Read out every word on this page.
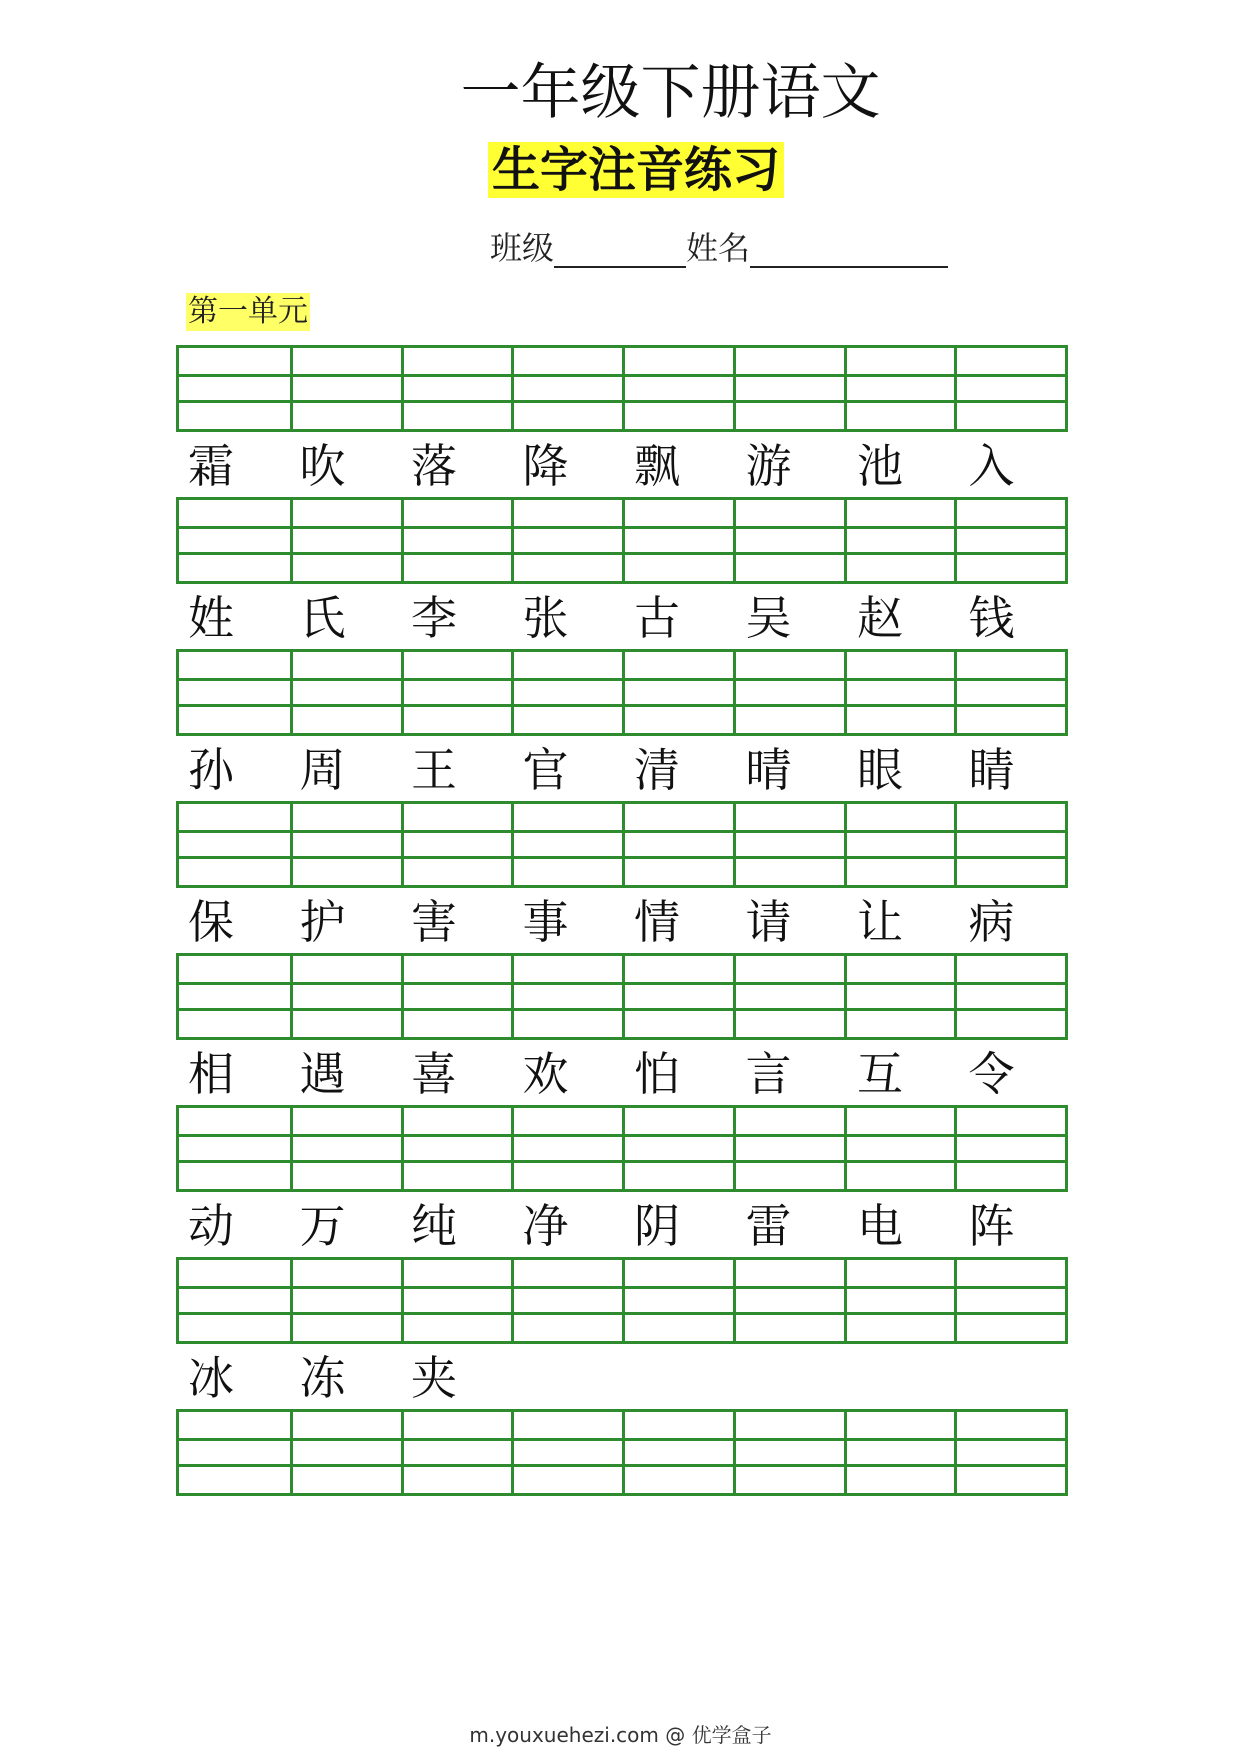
一年级下册语文
生字注音练习
班级	姓名
第一单元
霜	吹	落	降	飘	游	池	入
姓	氏	李	张	古	吴	赵	钱
孙	周	王	官	清	晴	眼	睛
保	护	害	事	情	请	让	病
相	遇	喜	欢	怕	言	互	令
动	万	纯	净	阴	雷	电	阵
冰	冻	夹
m.youxuehezi.com @ 优学盒子
